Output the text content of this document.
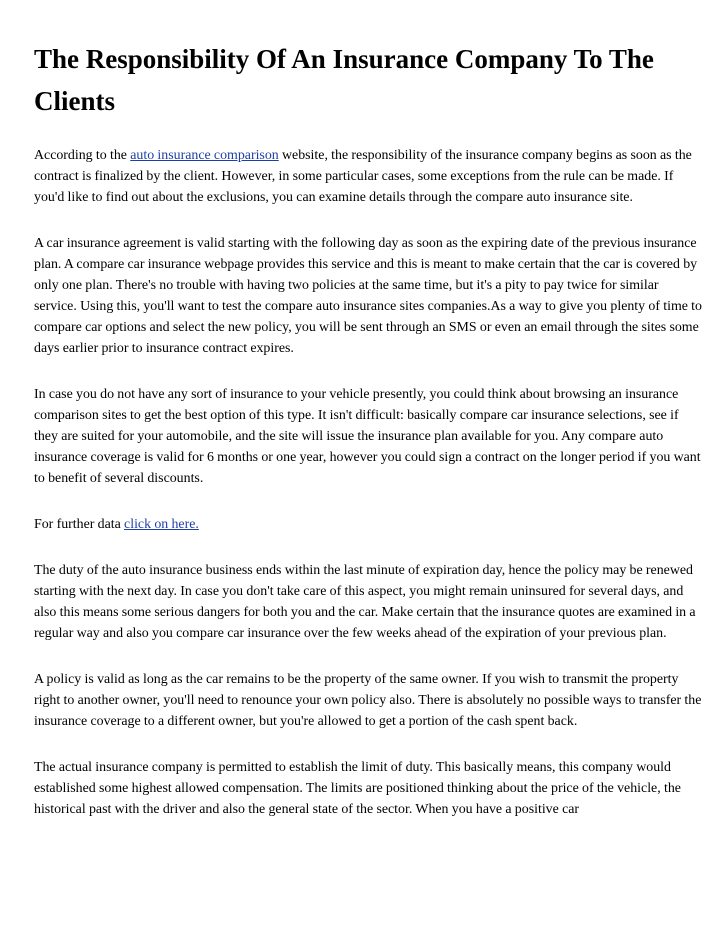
The Responsibility Of An Insurance Company To The Clients

According to the auto insurance comparison website, the responsibility of the insurance company begins as soon as the contract is finalized by the client. However, in some particular cases, some exceptions from the rule can be made. If you'd like to find out about the exclusions, you can examine details through the compare auto insurance site.

A car insurance agreement is valid starting with the following day as soon as the expiring date of the previous insurance plan. A compare car insurance webpage provides this service and this is meant to make certain that the car is covered by only one plan. There's no trouble with having two policies at the same time, but it's a pity to pay twice for similar service. Using this, you'll want to test the compare auto insurance sites companies.As a way to give you plenty of time to compare car options and select the new policy, you will be sent through an SMS or even an email through the sites some days earlier prior to insurance contract expires.

In case you do not have any sort of insurance to your vehicle presently, you could think about browsing an insurance comparison sites to get the best option of this type. It isn't difficult: basically compare car insurance selections, see if they are suited for your automobile, and the site will issue the insurance plan available for you. Any compare auto insurance coverage is valid for 6 months or one year, however you could sign a contract on the longer period if you want to benefit of several discounts.

For further data click on here.

The duty of the auto insurance business ends within the last minute of expiration day, hence the policy may be renewed starting with the next day. In case you don't take care of this aspect, you might remain uninsured for several days, and also this means some serious dangers for both you and the car. Make certain that the insurance quotes are examined in a regular way and also you compare car insurance over the few weeks ahead of the expiration of your previous plan.

A policy is valid as long as the car remains to be the property of the same owner. If you wish to transmit the property right to another owner, you'll need to renounce your own policy also. There is absolutely no possible ways to transfer the insurance coverage to a different owner, but you're allowed to get a portion of the cash spent back.

The actual insurance company is permitted to establish the limit of duty. This basically means, this company would established some highest allowed compensation. The limits are positioned thinking about the price of the vehicle, the historical past with the driver and also the general state of the sector. When you have a positive car
